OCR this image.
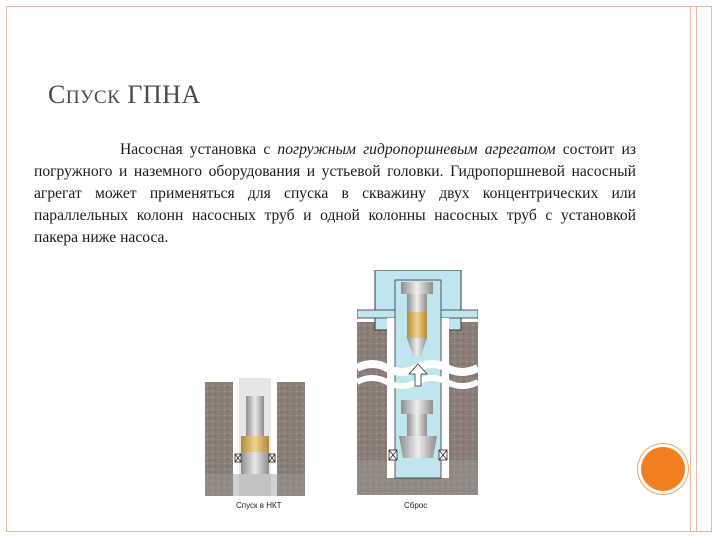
СПУСК ГПНА
Насосная установка с погружным гидропоршневым агрегатом состоит из погружного и наземного оборудования и устьевой головки. Гидропоршневой насосный агрегат может применяться для спуска в скважину двух концентрических или параллельных колонн насосных труб и одной колонны насосных труб с установкой пакера ниже насоса.
Спуск в НКТ	Сброс
